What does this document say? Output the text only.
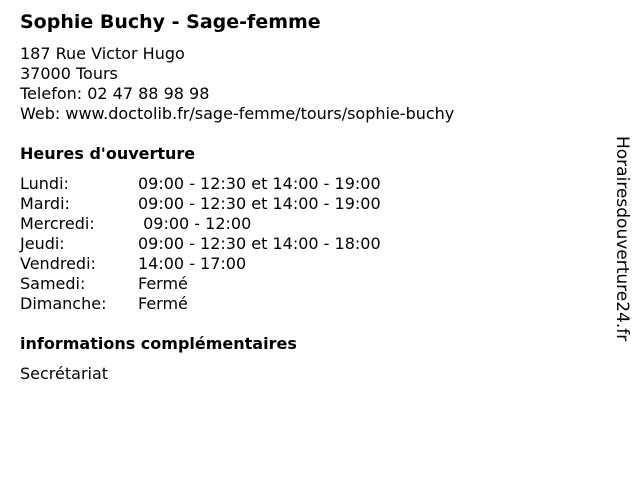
Sophie Buchy - Sage-femme
187 Rue Victor Hugo
37000 Tours
Telefon: 02 47 88 98 98
Web: www.doctolib.fr/sage-femme/tours/sophie-buchy
Heures d'ouverture
Lundi:	09:00 - 12:30 et 14:00 - 19:00
Mardi:	09:00 - 12:30 et 14:00 - 19:00
Mercredi:	09:00 - 12:00
Jeudi:	09:00 - 12:30 et 14:00 - 18:00
Vendredi:	14:00 - 17:00
Samedi:	Fermé
Dimanche:	Fermé
informations complémentaires
Secrétariat
Horairesdouverture24.fr
